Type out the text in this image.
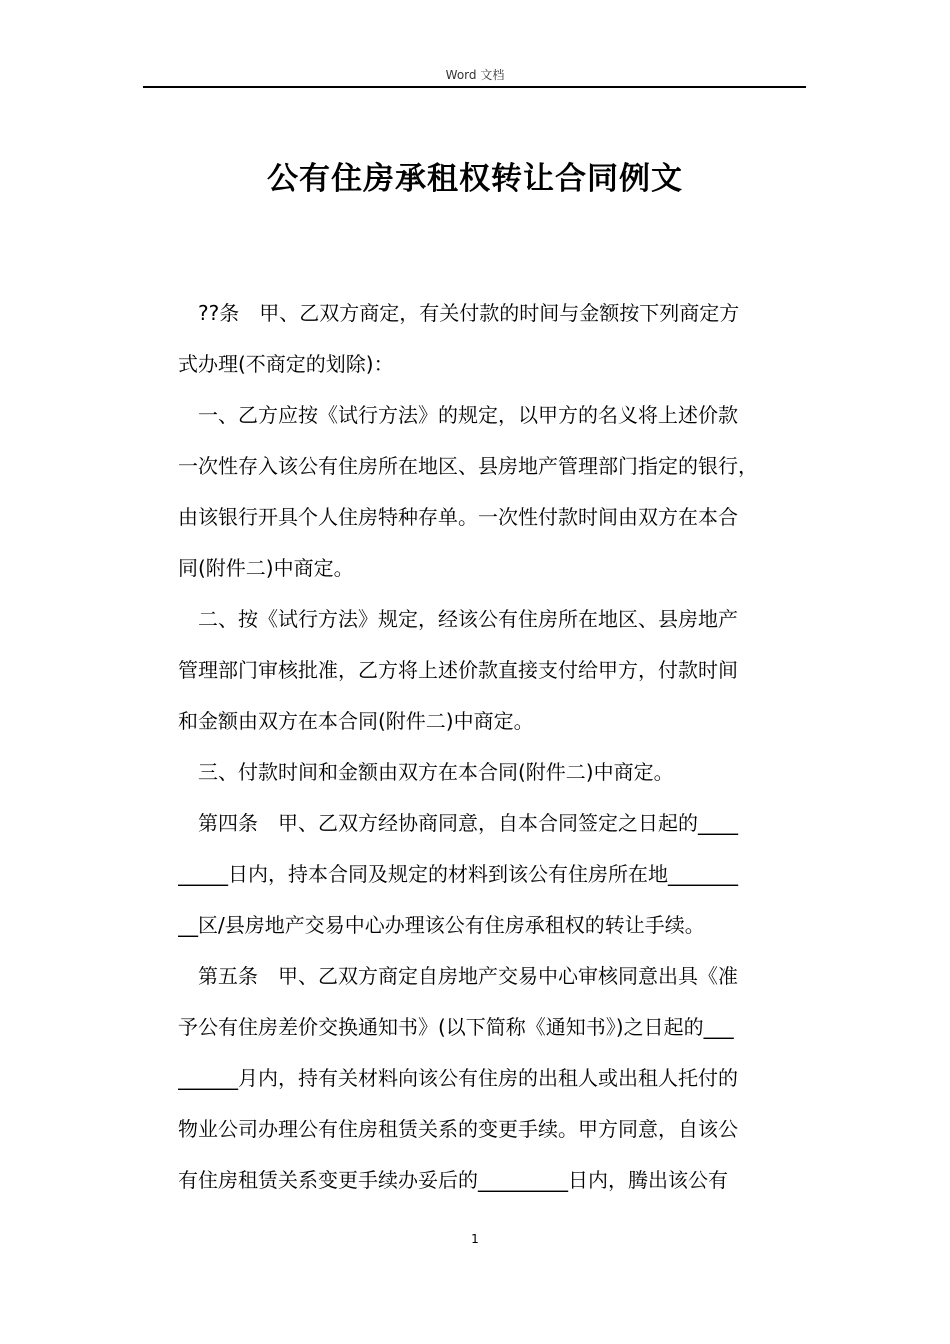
Word 文档
公有住房承租权转让合同例文
??条　甲、乙双方商定，有关付款的时间与金额按下列商定方
式办理(不商定的划除)：
一、乙方应按《试行方法》的规定，以甲方的名义将上述价款
一次性存入该公有住房所在地区、县房地产管理部门指定的银行，
由该银行开具个人住房特种存单。一次性付款时间由双方在本合
同(附件二)中商定。
二、按《试行方法》规定，经该公有住房所在地区、县房地产
管理部门审核批准，乙方将上述价款直接支付给甲方，付款时间
和金额由双方在本合同(附件二)中商定。
三、付款时间和金额由双方在本合同(附件二)中商定。
第四条　甲、乙双方经协商同意，自本合同签定之日起的____
_____日内，持本合同及规定的材料到该公有住房所在地_______
__区/县房地产交易中心办理该公有住房承租权的转让手续。
第五条　甲、乙双方商定自房地产交易中心审核同意出具《准
予公有住房差价交换通知书》(以下简称《通知书》)之日起的___
______月内，持有关材料向该公有住房的出租人或出租人托付的
物业公司办理公有住房租赁关系的变更手续。甲方同意，自该公
有住房租赁关系变更手续办妥后的_________日内，腾出该公有
1
